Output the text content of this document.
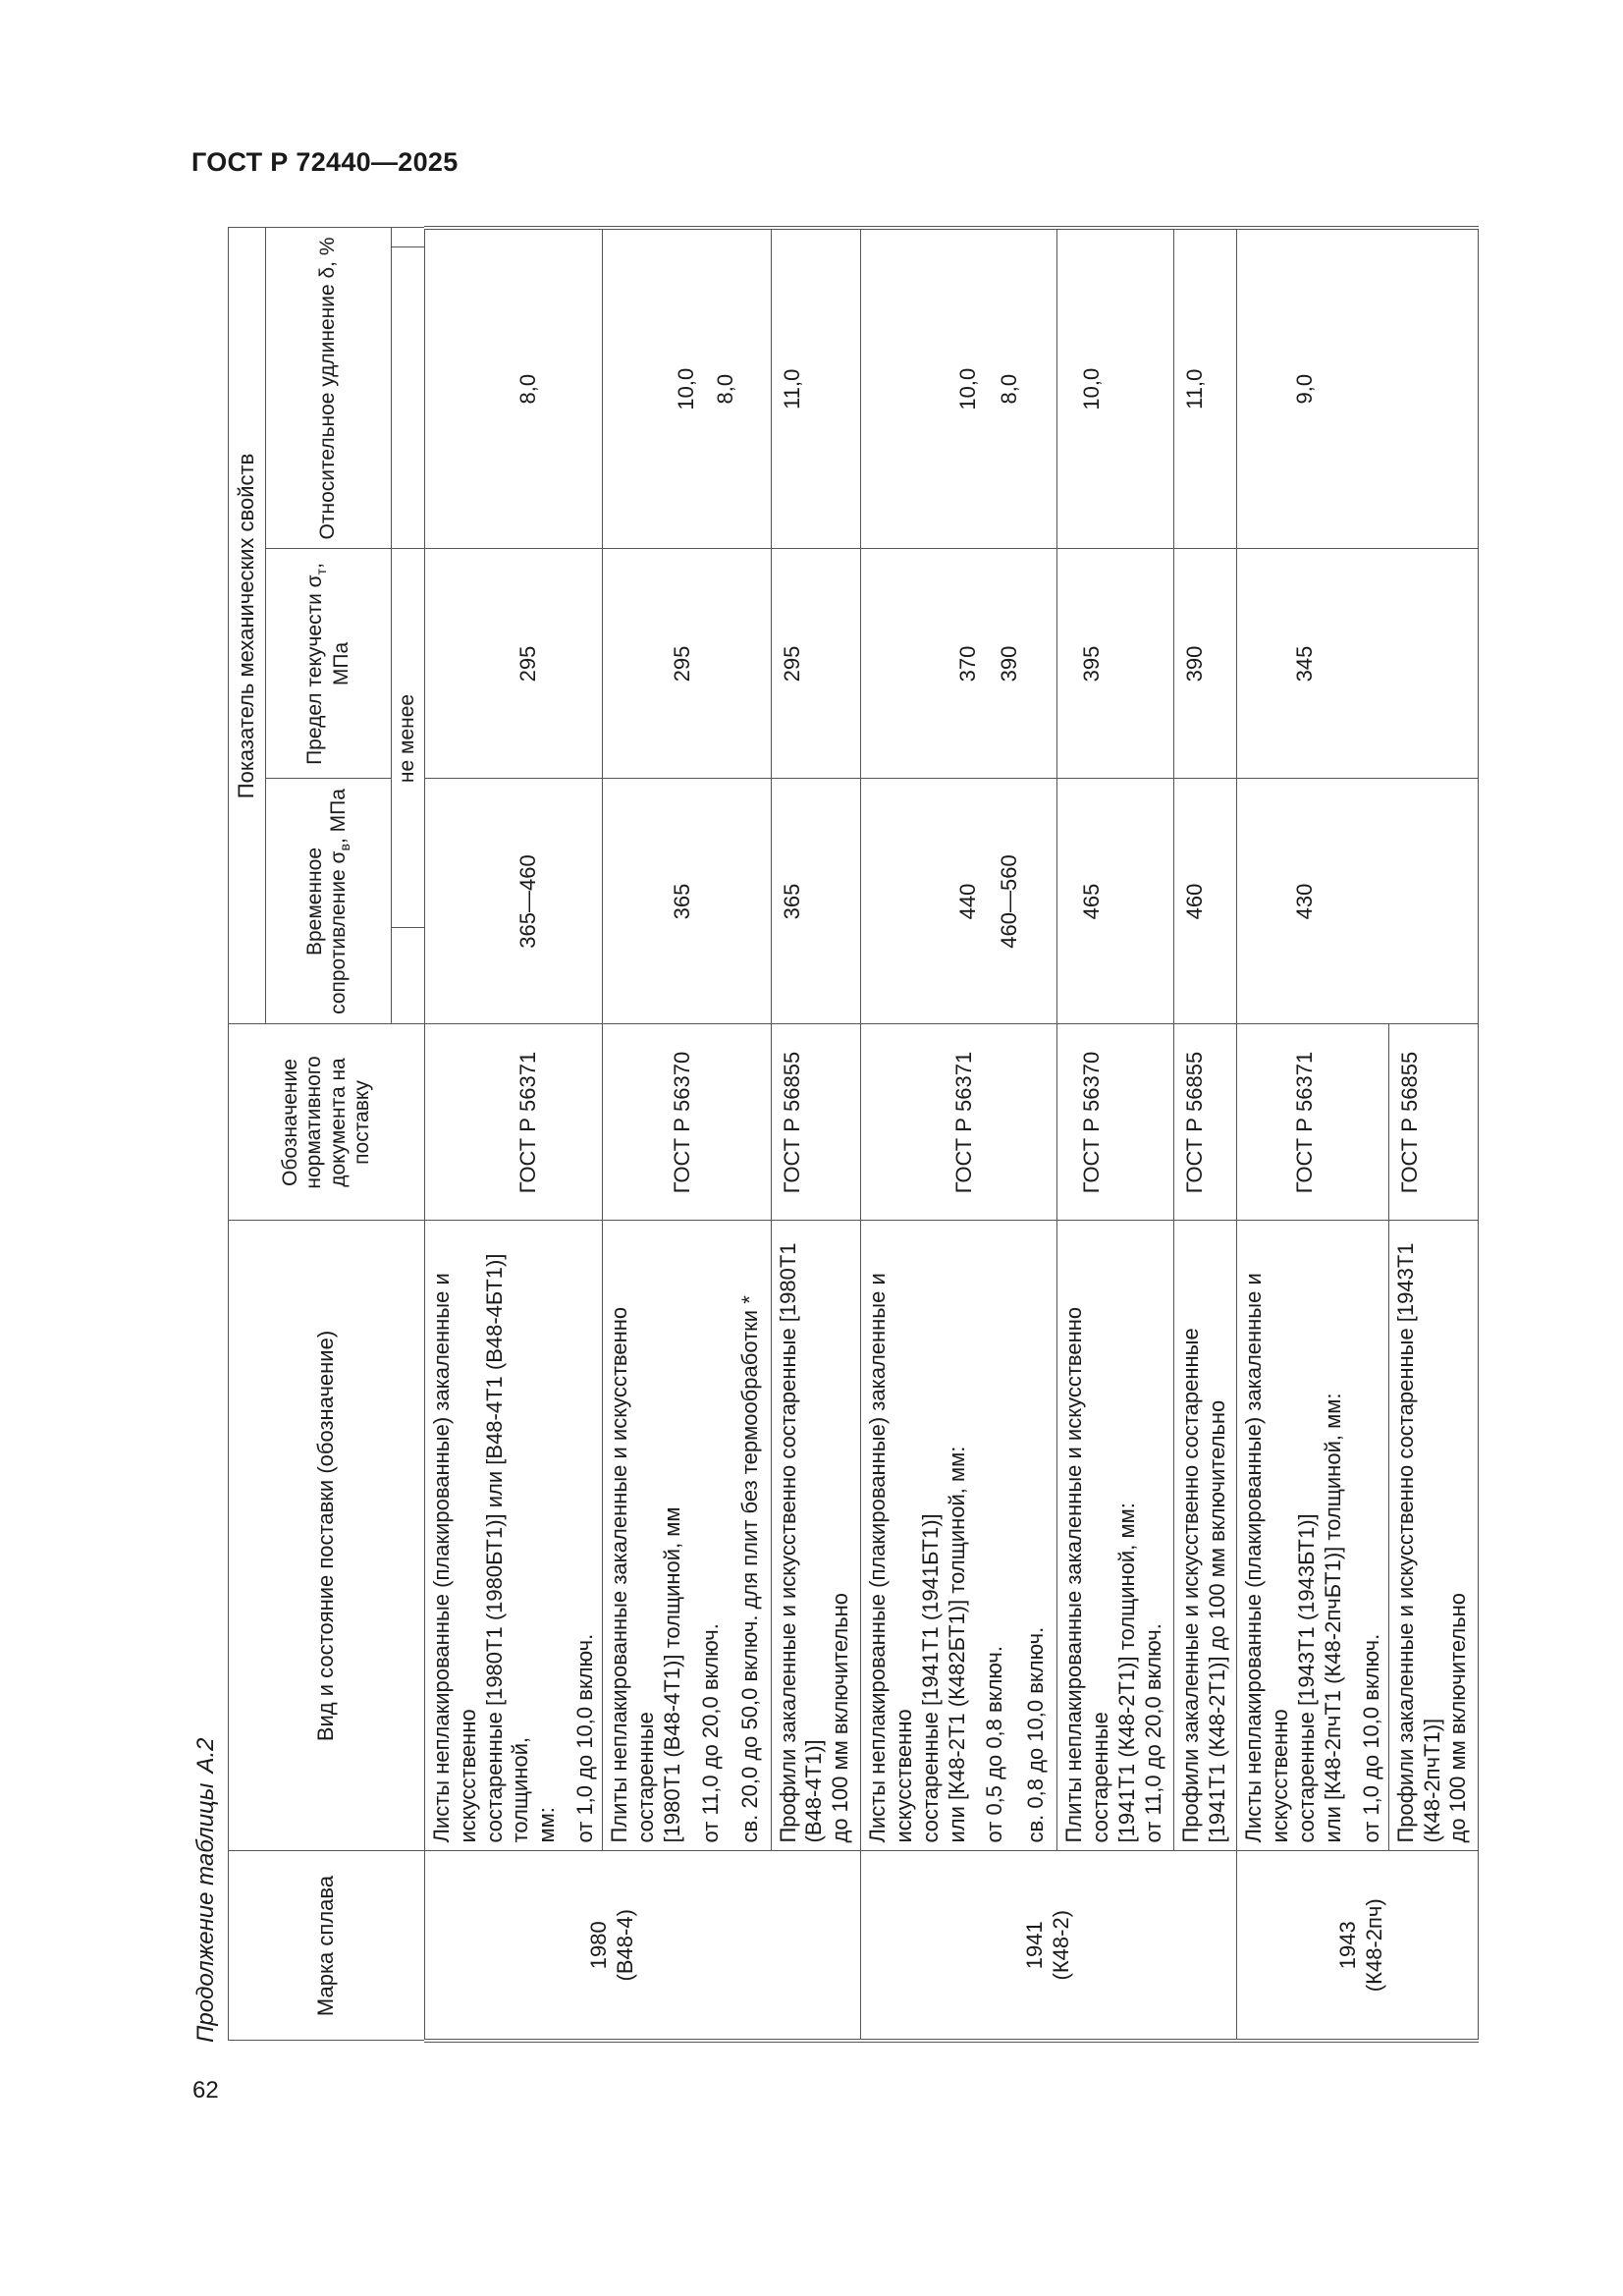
ГОСТ Р 72440—2025
Продолжение таблицыА.2
Марка сплава	Вид и состояние поставки (обозначение)	Обозначение нормативного документа на поставку	Показатель механических свойств				
			Временное сопротивление $\sigma_в$, МПа		Предел текучести $\sigma_т$, МПа	Относительное удлинение δ, %	
				не менее			

1980 (В48-4)	Листы неплакированные (плакированные) закаленные и искусственно состаренные [1980Т1 (1980БТ1)] или [В48-4Т1 (В48-4БТ1)] толщиной, мм: от 1,0 до 10,0 включ.	ГОСТ Р 56371	365—460		295	8,0	

	Плиты неплакированные закаленные и искусственно состаренные [1980Т1 (В48-4Т1)] толщиной, мм от 11,0 до 20,0 включ. св. 20,0 до 50,0 включ. для плит без термообработки *	ГОСТ Р 56370	365		295	10,0 8,0	

	Профили закаленные и искусственно состаренные [1980Т1 (В48-4Т1)] до 100 мм включительно	ГОСТ Р 56855	365		295	11,0	

1941 (К48-2)	Листы неплакированные (плакированные) закаленные и искусственно состаренные [1941Т1 (1941БТ1)] или [К48-2Т1 (К482БТ1)] толщиной, мм: от 0,5 до 0,8 включ. св. 0,8 до 10,0 включ.	ГОСТ Р 56371	440 460—560		370 390	10,0 8,0	

	Плиты неплакированные закаленные и искусственно состаренные [1941Т1 (К48-2Т1)] толщиной, мм: от 11,0 до 20,0 включ.	ГОСТ Р 56370	465		395	10,0	

	Профили закаленные и искусственно состаренные [1941Т1 (К48-2Т1)] до 100 мм включительно	ГОСТ Р 56855	460		390	11,0	

1943 (К48-2пч)	Листы неплакированные (плакированные) закаленные и искусственно состаренные [1943Т1 (1943БТ1)] или [К48-2пчТ1 (К48-2пчБТ1)] толщиной, мм: от 1,0 до 10,0 включ.	ГОСТ Р 56371	430		345	9,0	

	Профили закаленные и искусственно состаренные [1943Т1 (К48-2пчТ1)] до 100 мм включительно	ГОСТ Р 56855					
62
